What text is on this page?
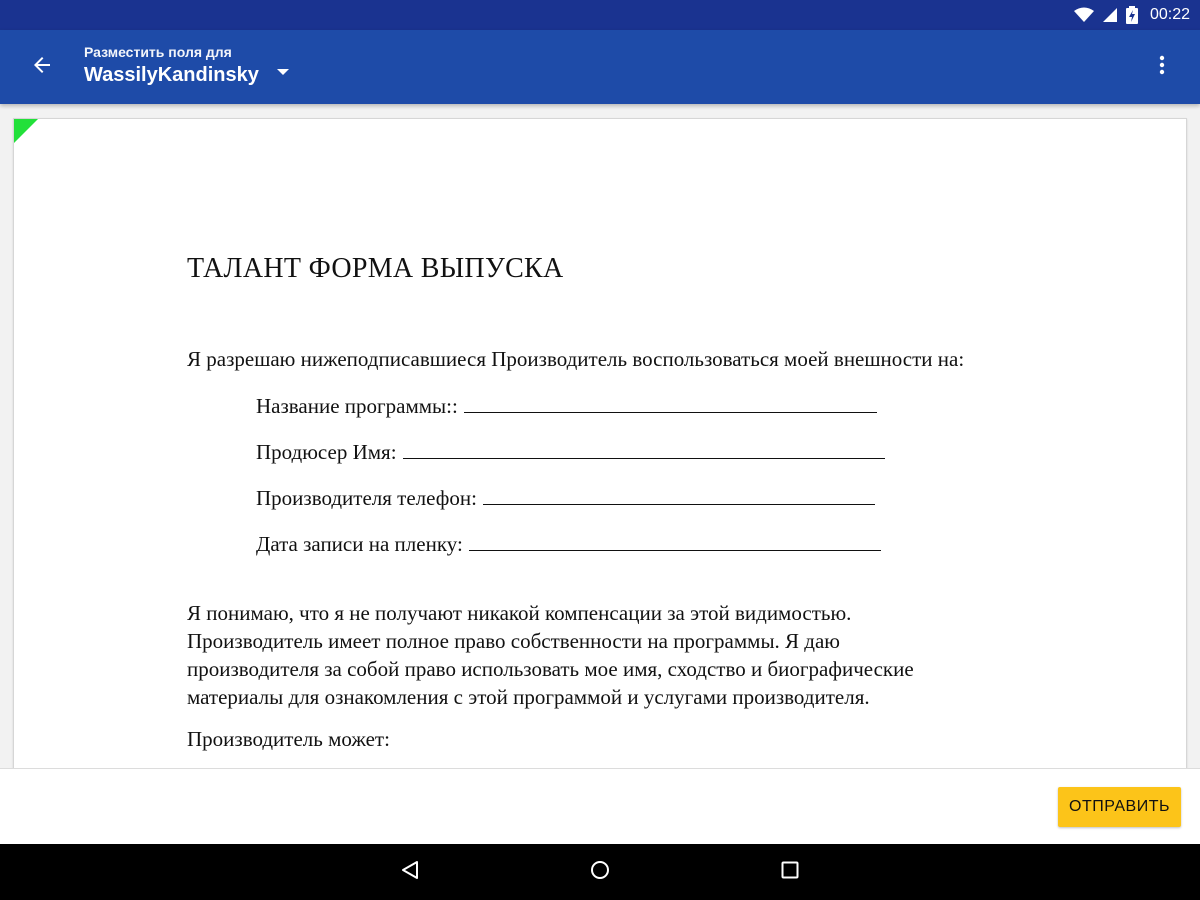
00:22
Разместить поля для
WassilyKandinsky
ТАЛАНТ ФОРМА ВЫПУСКА
Я разрешаю нижеподписавшиеся Производитель воспользоваться моей внешности на:
Название программы::
Продюсер Имя:
Производителя телефон:
Дата записи на пленку:
Я понимаю, что я не получают никакой компенсации за этой видимостью.
Производитель имеет полное право собственности на программы. Я даю
производителя за собой право использовать мое имя, сходство и биографические
материалы для ознакомления с этой программой и услугами производителя.
Производитель может:
ОТПРАВИТЬ
